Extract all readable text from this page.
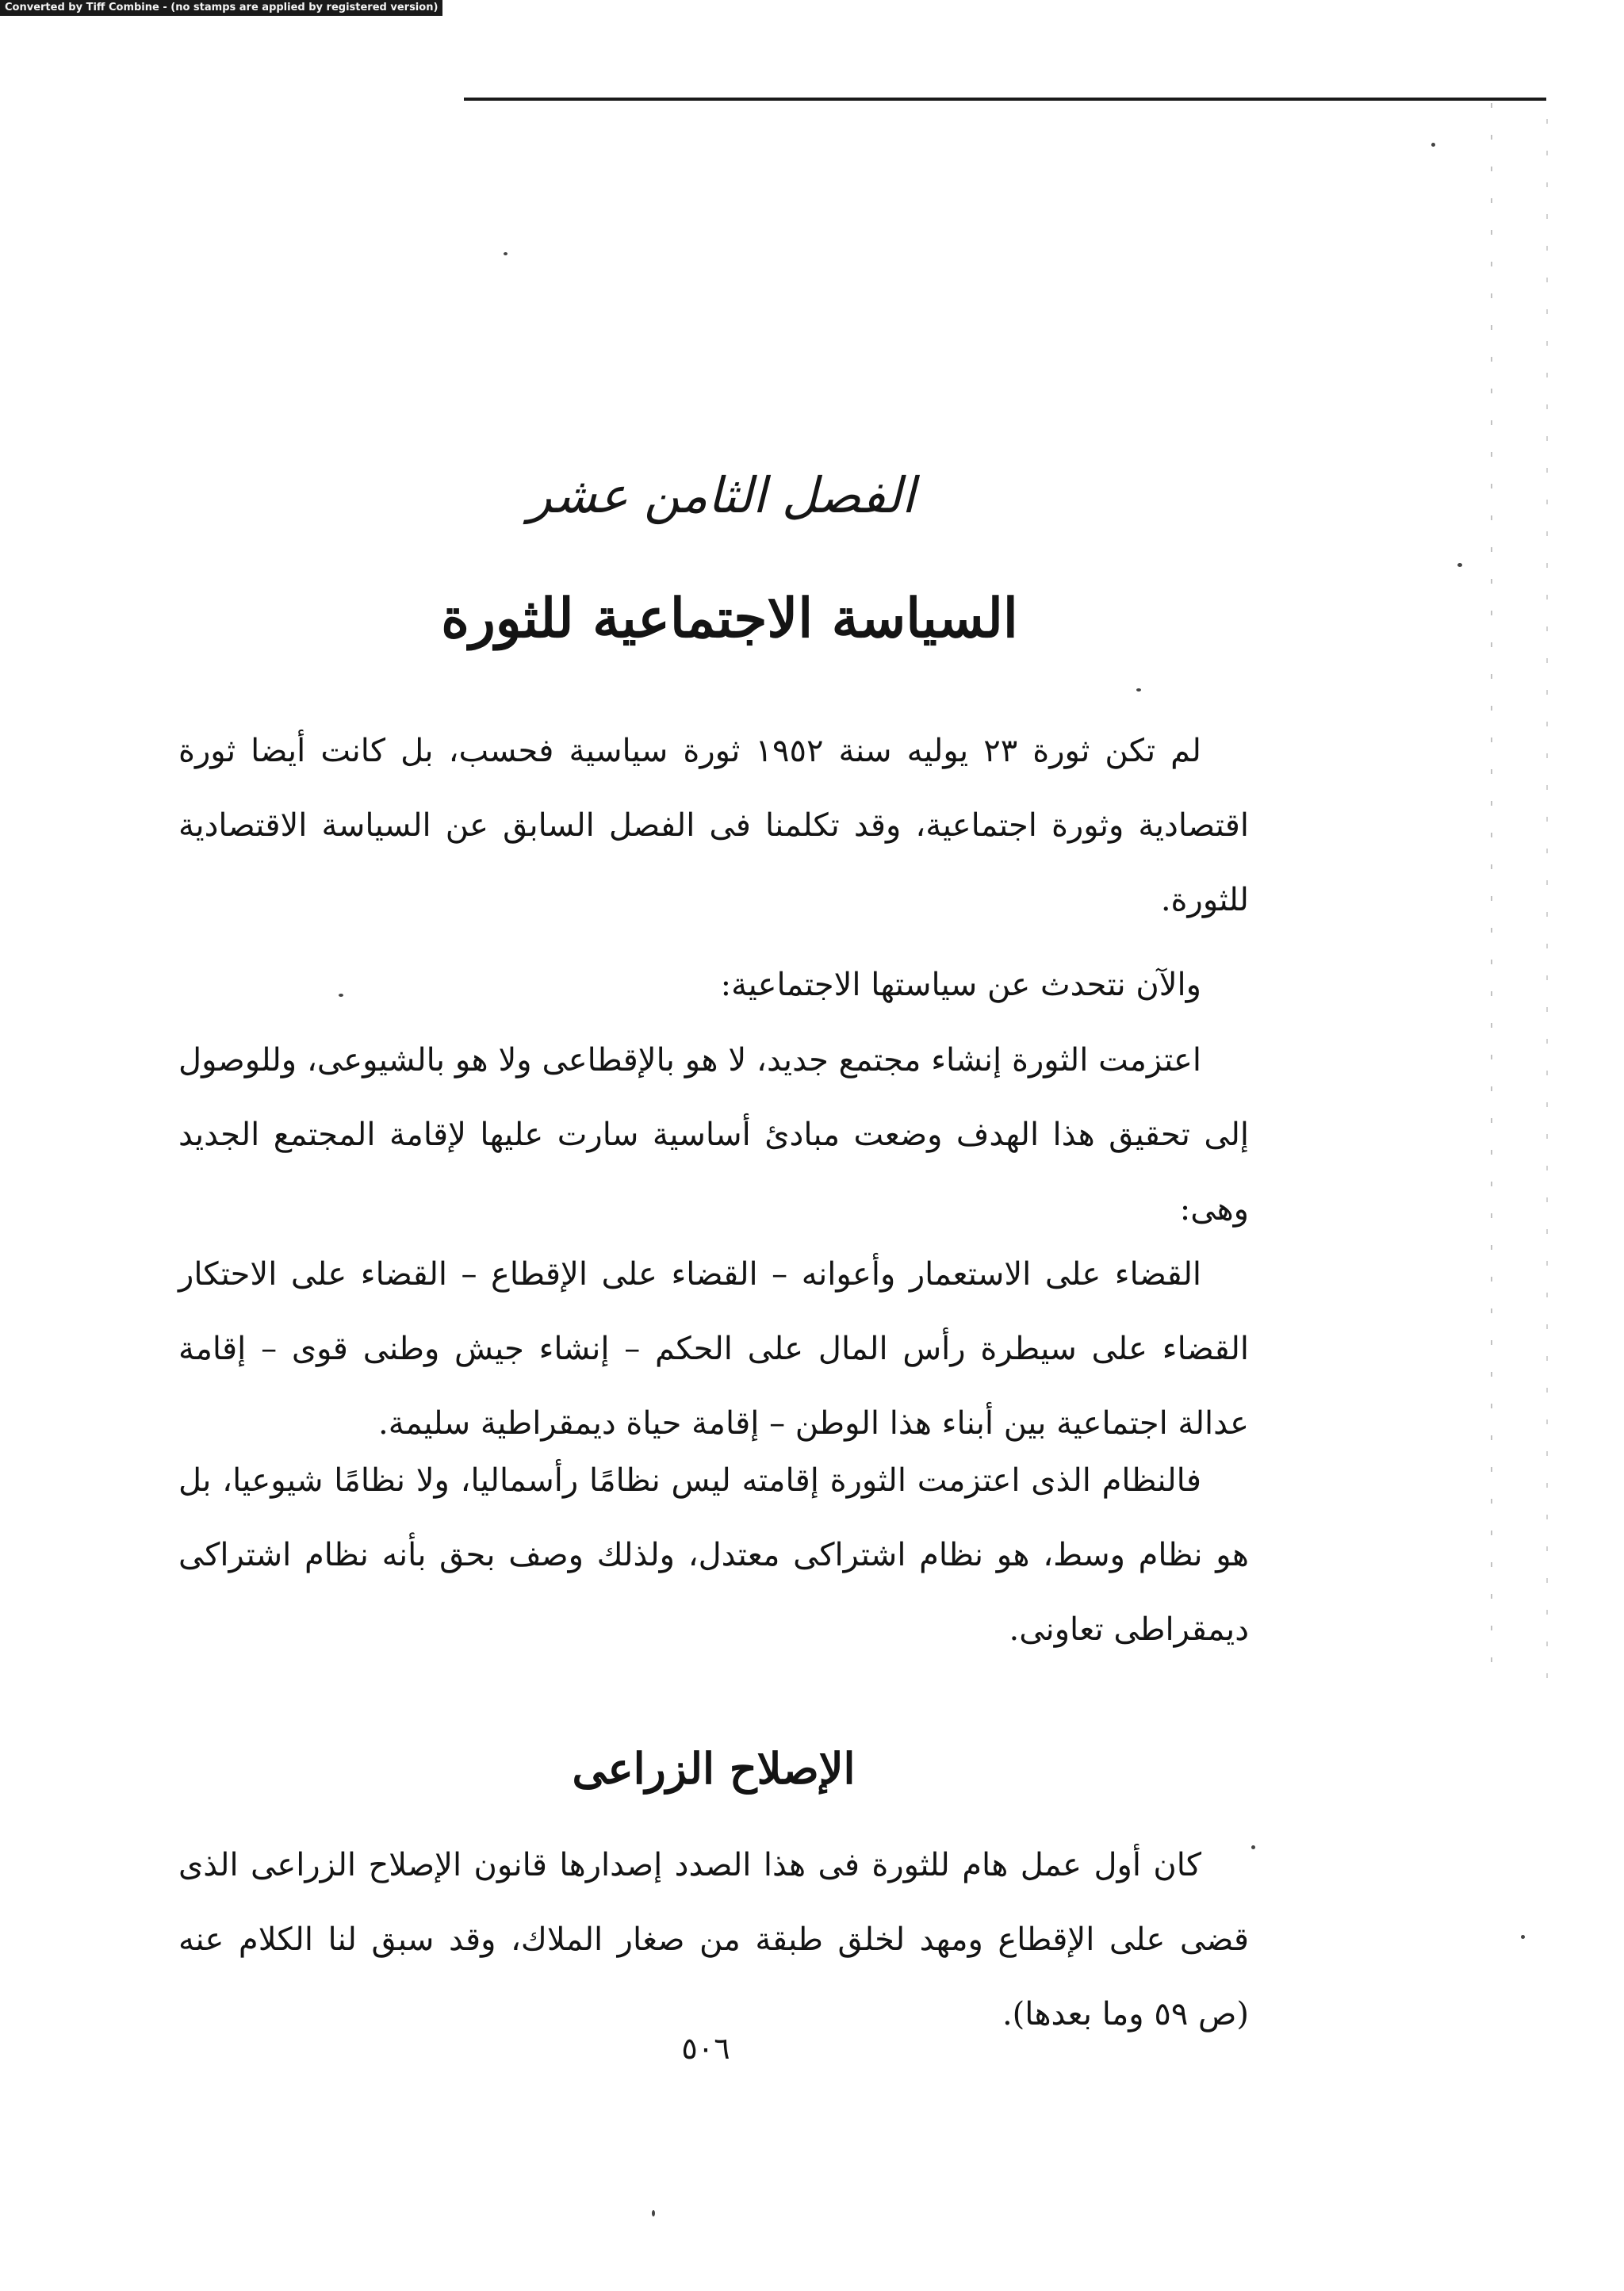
Converted by Tiff Combine - (no stamps are applied by registered version)
الفصل الثامن عشر
السياسة الاجتماعية للثورة

لم تكن ثورة ٢٣ يوليه سنة ١٩٥٢ ثورة سياسية فحسب، بل كانت أيضا ثورة اقتصادية وثورة اجتماعية، وقد تكلمنا فى الفصل السابق عن السياسة الاقتصادية للثورة.

والآن نتحدث عن سياستها الاجتماعية:

اعتزمت الثورة إنشاء مجتمع جديد، لا هو بالإقطاعى ولا هو بالشيوعى، وللوصول إلى تحقيق هذا الهدف وضعت مبادئ أساسية سارت عليها لإقامة المجتمع الجديد وهى:

القضاء على الاستعمار وأعوانه – القضاء على الإقطاع – القضاء على الاحتكار القضاء على سيطرة رأس المال على الحكم – إنشاء جيش وطنى قوى – إقامة عدالة اجتماعية بين أبناء هذا الوطن – إقامة حياة ديمقراطية سليمة.

فالنظام الذى اعتزمت الثورة إقامته ليس نظامًا رأسماليا، ولا نظامًا شيوعيا، بل هو نظام وسط، هو نظام اشتراكى معتدل، ولذلك وصف بحق بأنه نظام اشتراكى ديمقراطى تعاونى.

الإصلاح الزراعى

كان أول عمل هام للثورة فى هذا الصدد إصدارها قانون الإصلاح الزراعى الذى قضى على الإقطاع ومهد لخلق طبقة من صغار الملاك، وقد سبق لنا الكلام عنه (ص ٥٩ وما بعدها).

٥٠٦
